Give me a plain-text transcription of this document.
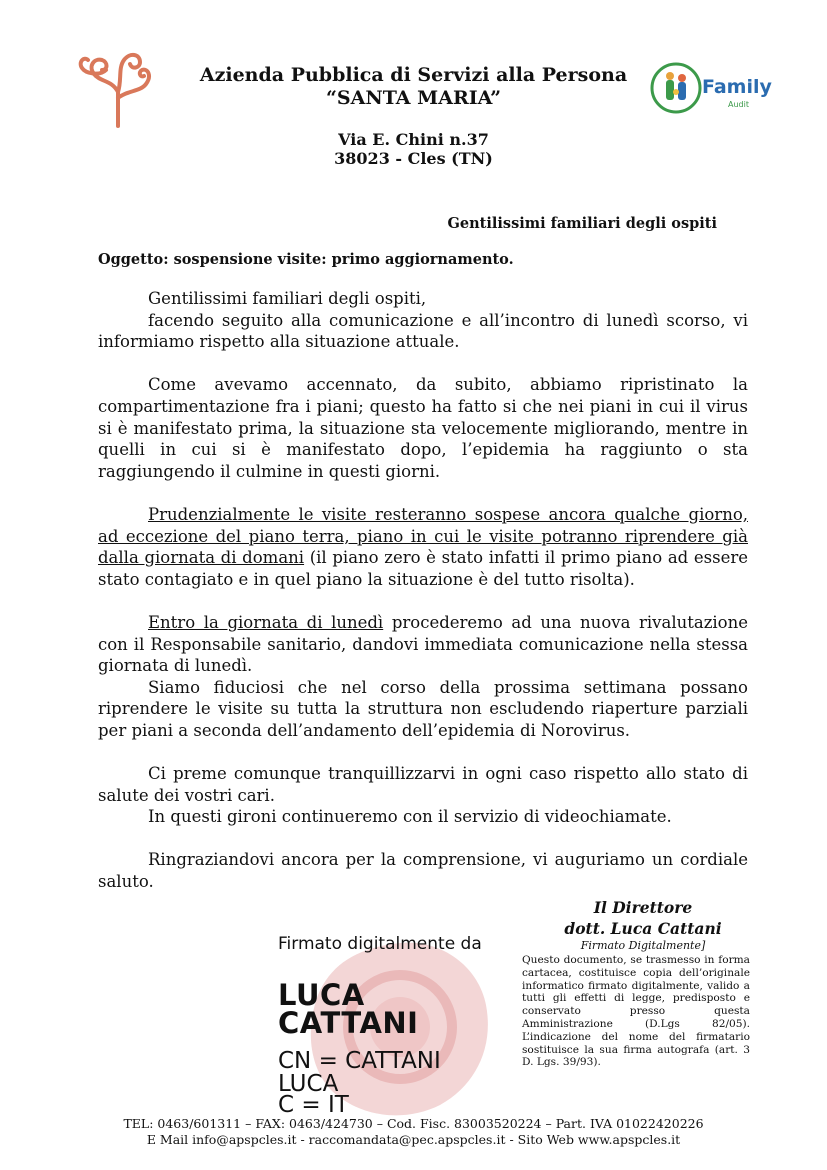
Family
Audit
Azienda Pubblica di Servizi alla Persona
“SANTA MARIA”
Via E. Chini n.37
38023 - Cles (TN)
Gentilissimi familiari degli ospiti
Oggetto: sospensione visite: primo aggiornamento.

Gentilissimi familiari degli ospiti,

facendo seguito alla comunicazione e all’incontro di lunedì scorso, vi informiamo rispetto alla situazione attuale.

Come avevamo accennato, da subito, abbiamo ripristinato la compartimentazione fra i piani; questo ha fatto si che nei piani in cui il virus si è manifestato prima, la situazione sta velocemente migliorando, mentre in quelli in cui si è manifestato dopo, l’epidemia ha raggiunto o sta raggiungendo il culmine in questi giorni.

Prudenzialmente le visite resteranno sospese ancora qualche giorno, ad eccezione del piano terra, piano in cui le visite potranno riprendere già dalla giornata di domani (il piano zero è stato infatti il primo piano ad essere stato contagiato e in quel piano la situazione è del tutto risolta).

Entro la giornata di lunedì procederemo ad una nuova rivalutazione con il Responsabile sanitario, dandovi immediata comunicazione nella stessa giornata di lunedì.

Siamo fiduciosi che nel corso della prossima settimana possano riprendere le visite su tutta la struttura non escludendo riaperture parziali per piani a seconda dell’andamento dell’epidemia di Norovirus.

Ci preme comunque tranquillizzarvi in ogni caso rispetto allo stato di salute dei vostri cari.

In questi gironi continueremo con il servizio di videochiamate.

Ringraziandovi ancora per la comprensione, vi auguriamo un cordiale saluto.

Il Direttore
dott. Luca Cattani
Firmato Digitalmente]
Questo documento, se trasmesso in forma cartacea, costituisce copia dell’originale informatico firmato digitalmente, valido a tutti gli effetti di legge, predisposto e conservato presso questa Amministrazione (D.Lgs 82/05). L’indicazione del nome del firmatario sostituisce la sua firma autografa (art. 3 D. Lgs. 39/93).
Firmato digitalmente da
LUCA
CATTANI
CN = CATTANI
LUCA
C = IT
TEL: 0463/601311 – FAX: 0463/424730 – Cod. Fisc. 83003520224 – Part. IVA 01022420226
E Mail info@apspcles.it - raccomandata@pec.apspcles.it - Sito Web www.apspcles.it
